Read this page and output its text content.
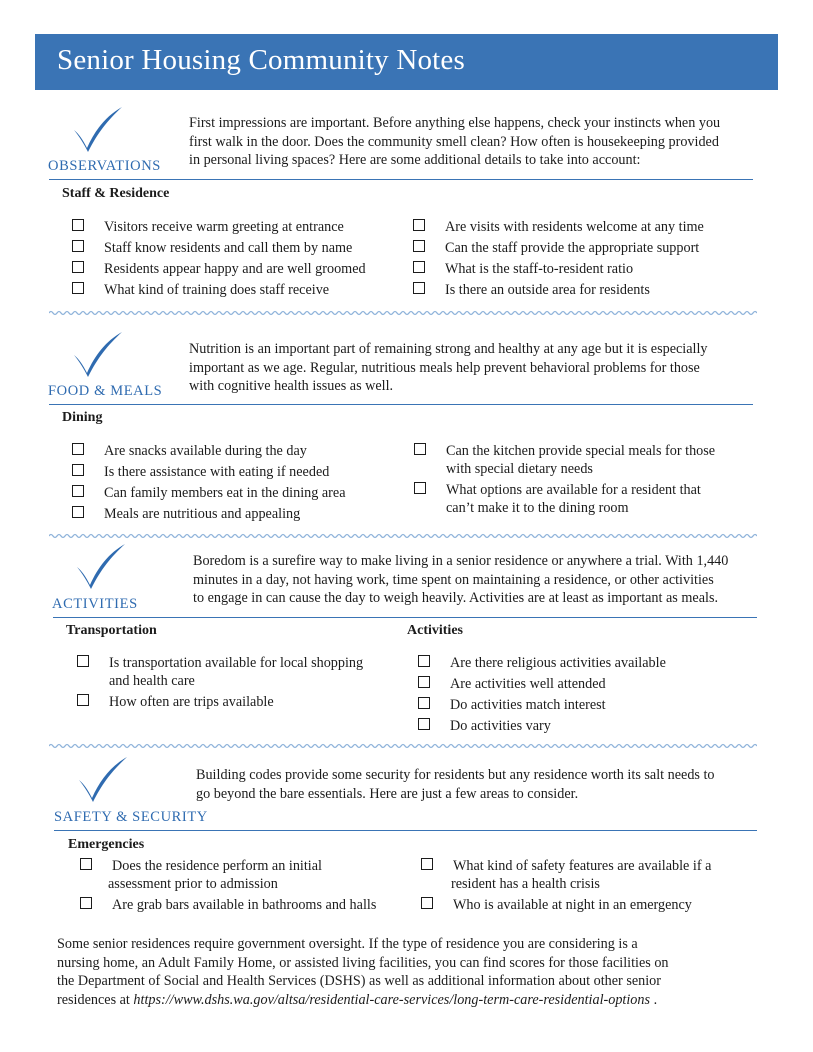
Senior Housing Community Notes
OBSERVATIONS

First impressions are important. Before anything else happens, check your instincts when you

first walk in the door. Does the community smell clean? How often is housekeeping provided

in personal living spaces? Here are some additional details to take into account:

Staff & Residence
Visitors receive warm greeting at entrance
Staff know residents and call them by name
Residents appear happy and are well groomed
What kind of training does staff receive
Are visits with residents welcome at any time
Can the staff provide the appropriate support
What is the staff-to-resident ratio
Is there an outside area for residents
FOOD & MEALS

Nutrition is an important part of remaining strong and healthy at any age but it is especially

important as we age. Regular, nutritious meals help prevent behavioral problems for those

with cognitive health issues as well.

Dining
Are snacks available during the day
Is there assistance with eating if needed
Can family members eat in the dining area
Meals are nutritious and appealing
Can the kitchen provide special meals for those
with special dietary needs
What options are available for a resident that
can’t make it to the dining room
ACTIVITIES

Boredom is a surefire way to make living in a senior residence or anywhere a trial. With 1,440

minutes in a day, not having work, time spent on maintaining a residence, or other activities

to engage in can cause the day to weigh heavily. Activities are at least as important as meals.

Transportation	Activities
Is transportation available for local shopping
and health care
How often are trips available
Are there religious activities available
Are activities well attended
Do activities match interest
Do activities vary
SAFETY & SECURITY

Building codes provide some security for residents but any residence worth its salt needs to

go beyond the bare essentials. Here are just a few areas to consider.

Emergencies
Does the residence perform an initial
assessment prior to admission
Are grab bars available in bathrooms and halls
What kind of safety features are available if a
resident has a health crisis
Who is available at night in an emergency

Some senior residences require government oversight. If the type of residence you are considering is a

nursing home, an Adult Family Home, or assisted living facilities, you can find scores for those facilities on

the Department of Social and Health Services (DSHS) as well as additional information about other senior

residences at https://www.dshs.wa.gov/altsa/residential-care-services/long-term-care-residential-options .
